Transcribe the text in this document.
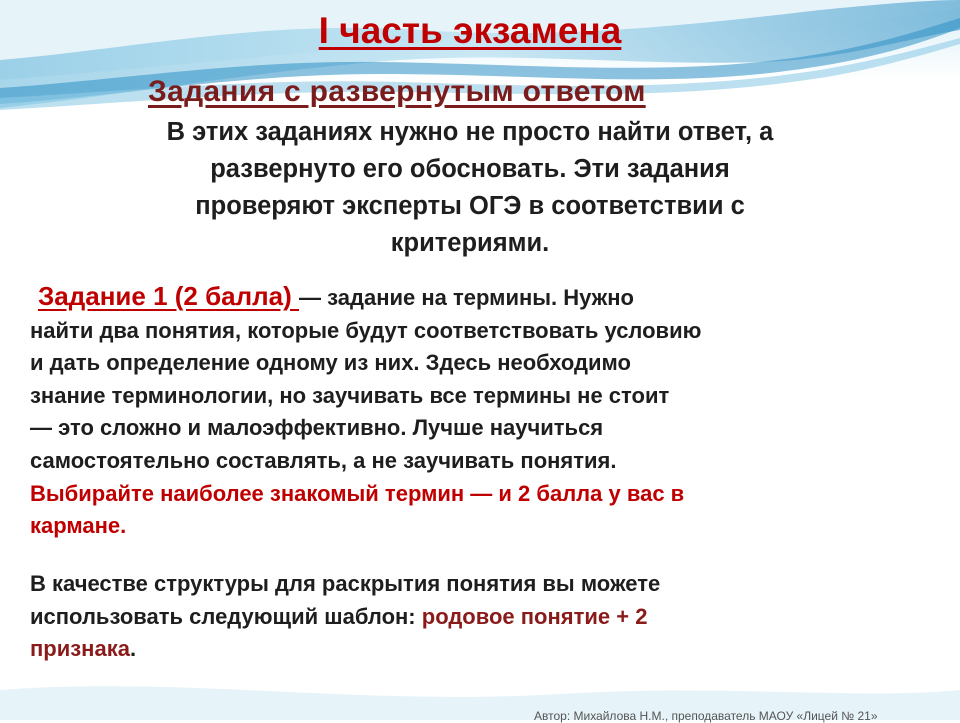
I часть экзамена
Задания с развернутым ответом
В этих заданиях нужно не просто найти ответ, а
развернуто его обосновать. Эти задания
проверяют эксперты ОГЭ в соответствии с
критериями.
Задание 1 (2 балла) — задание на термины. Нужно
найти два понятия, которые будут соответствовать условию
и дать определение одному из них. Здесь необходимо
знание терминологии, но заучивать все термины не стоит
— это сложно и малоэффективно. Лучше научиться
самостоятельно составлять, а не заучивать понятия.
Выбирайте наиболее знакомый термин — и 2 балла у вас в
кармане.
В качестве структуры для раскрытия понятия вы можете
использовать следующий шаблон: родовое понятие + 2
признака.
Автор: Михайлова Н.М., преподаватель МАОУ «Лицей № 21»
